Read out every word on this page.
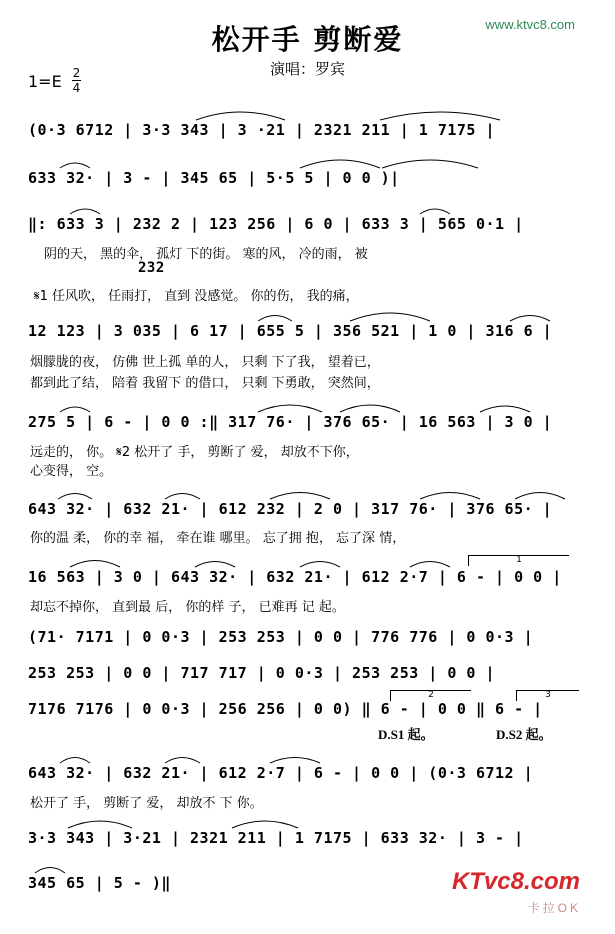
松开手 剪断爱	www.ktvc8.com
演唱：罗宾
1=E 2
4
(0·3 6712 | 3·3 343 | 3 ·21 | 2321 211 | 1 7175 |
633 32· | 3 - | 345 65 | 5·5 5 | 0 0 )|
‖: 633 3 | 232 2 | 123 256 | 6 0 | 633 3 | 565 0·1 |
阴的天， 黑的伞， 孤灯 下的街。 寒的风， 冷的雨， 被
232
𝄋1 任风吹， 任雨打， 直到 没感觉。 你的伤， 我的痛，
12 123 | 3 035 | 6 17 | 655 5 | 356 521 | 1 0 | 316 6 |
烟朦胧的夜， 仿佛 世上孤 单的人， 只剩 下了我， 望着已，
都到此了结， 陪着 我留下 的借口， 只剩 下勇敢， 突然间，
275 5 | 6 - | 0 0 :‖ 317 76· | 376 65· | 16 563 | 3 0 |
远走的， 你。 𝄋2 松开了 手， 剪断了 爱， 却放不下你，
心变得， 空。
643 32· | 632 21· | 612 232 | 2 0 | 317 76· | 376 65· |
你的温 柔， 你的幸 福， 牵在谁 哪里。 忘了拥 抱， 忘了深 情，
1
16 563 | 3 0 | 643 32· | 632 21· | 612 2·7 | 6 - | 0 0 |
却忘不掉你， 直到最 后， 你的样 子， 已难再 记 起。
(71· 7171 | 0 0·3 | 253 253 | 0 0 | 776 776 | 0 0·3 |
253 253 | 0 0 | 717 717 | 0 0·3 | 253 253 | 0 0 |
2	3
7176 7176 | 0 0·3 | 256 256 | 0 0) ‖ 6 - | 0 0 ‖ 6 - |
D.S1 起。	D.S2 起。
643 32· | 632 21· | 612 2·7 | 6 - | 0 0 | (0·3 6712 |
松开了 手， 剪断了 爱， 却放不 下 你。
3·3 343 | 3·21 | 2321 211 | 1 7175 | 633 32· | 3 - |
345 65 | 5 - )‖	KTvc8.com
卡拉OK
